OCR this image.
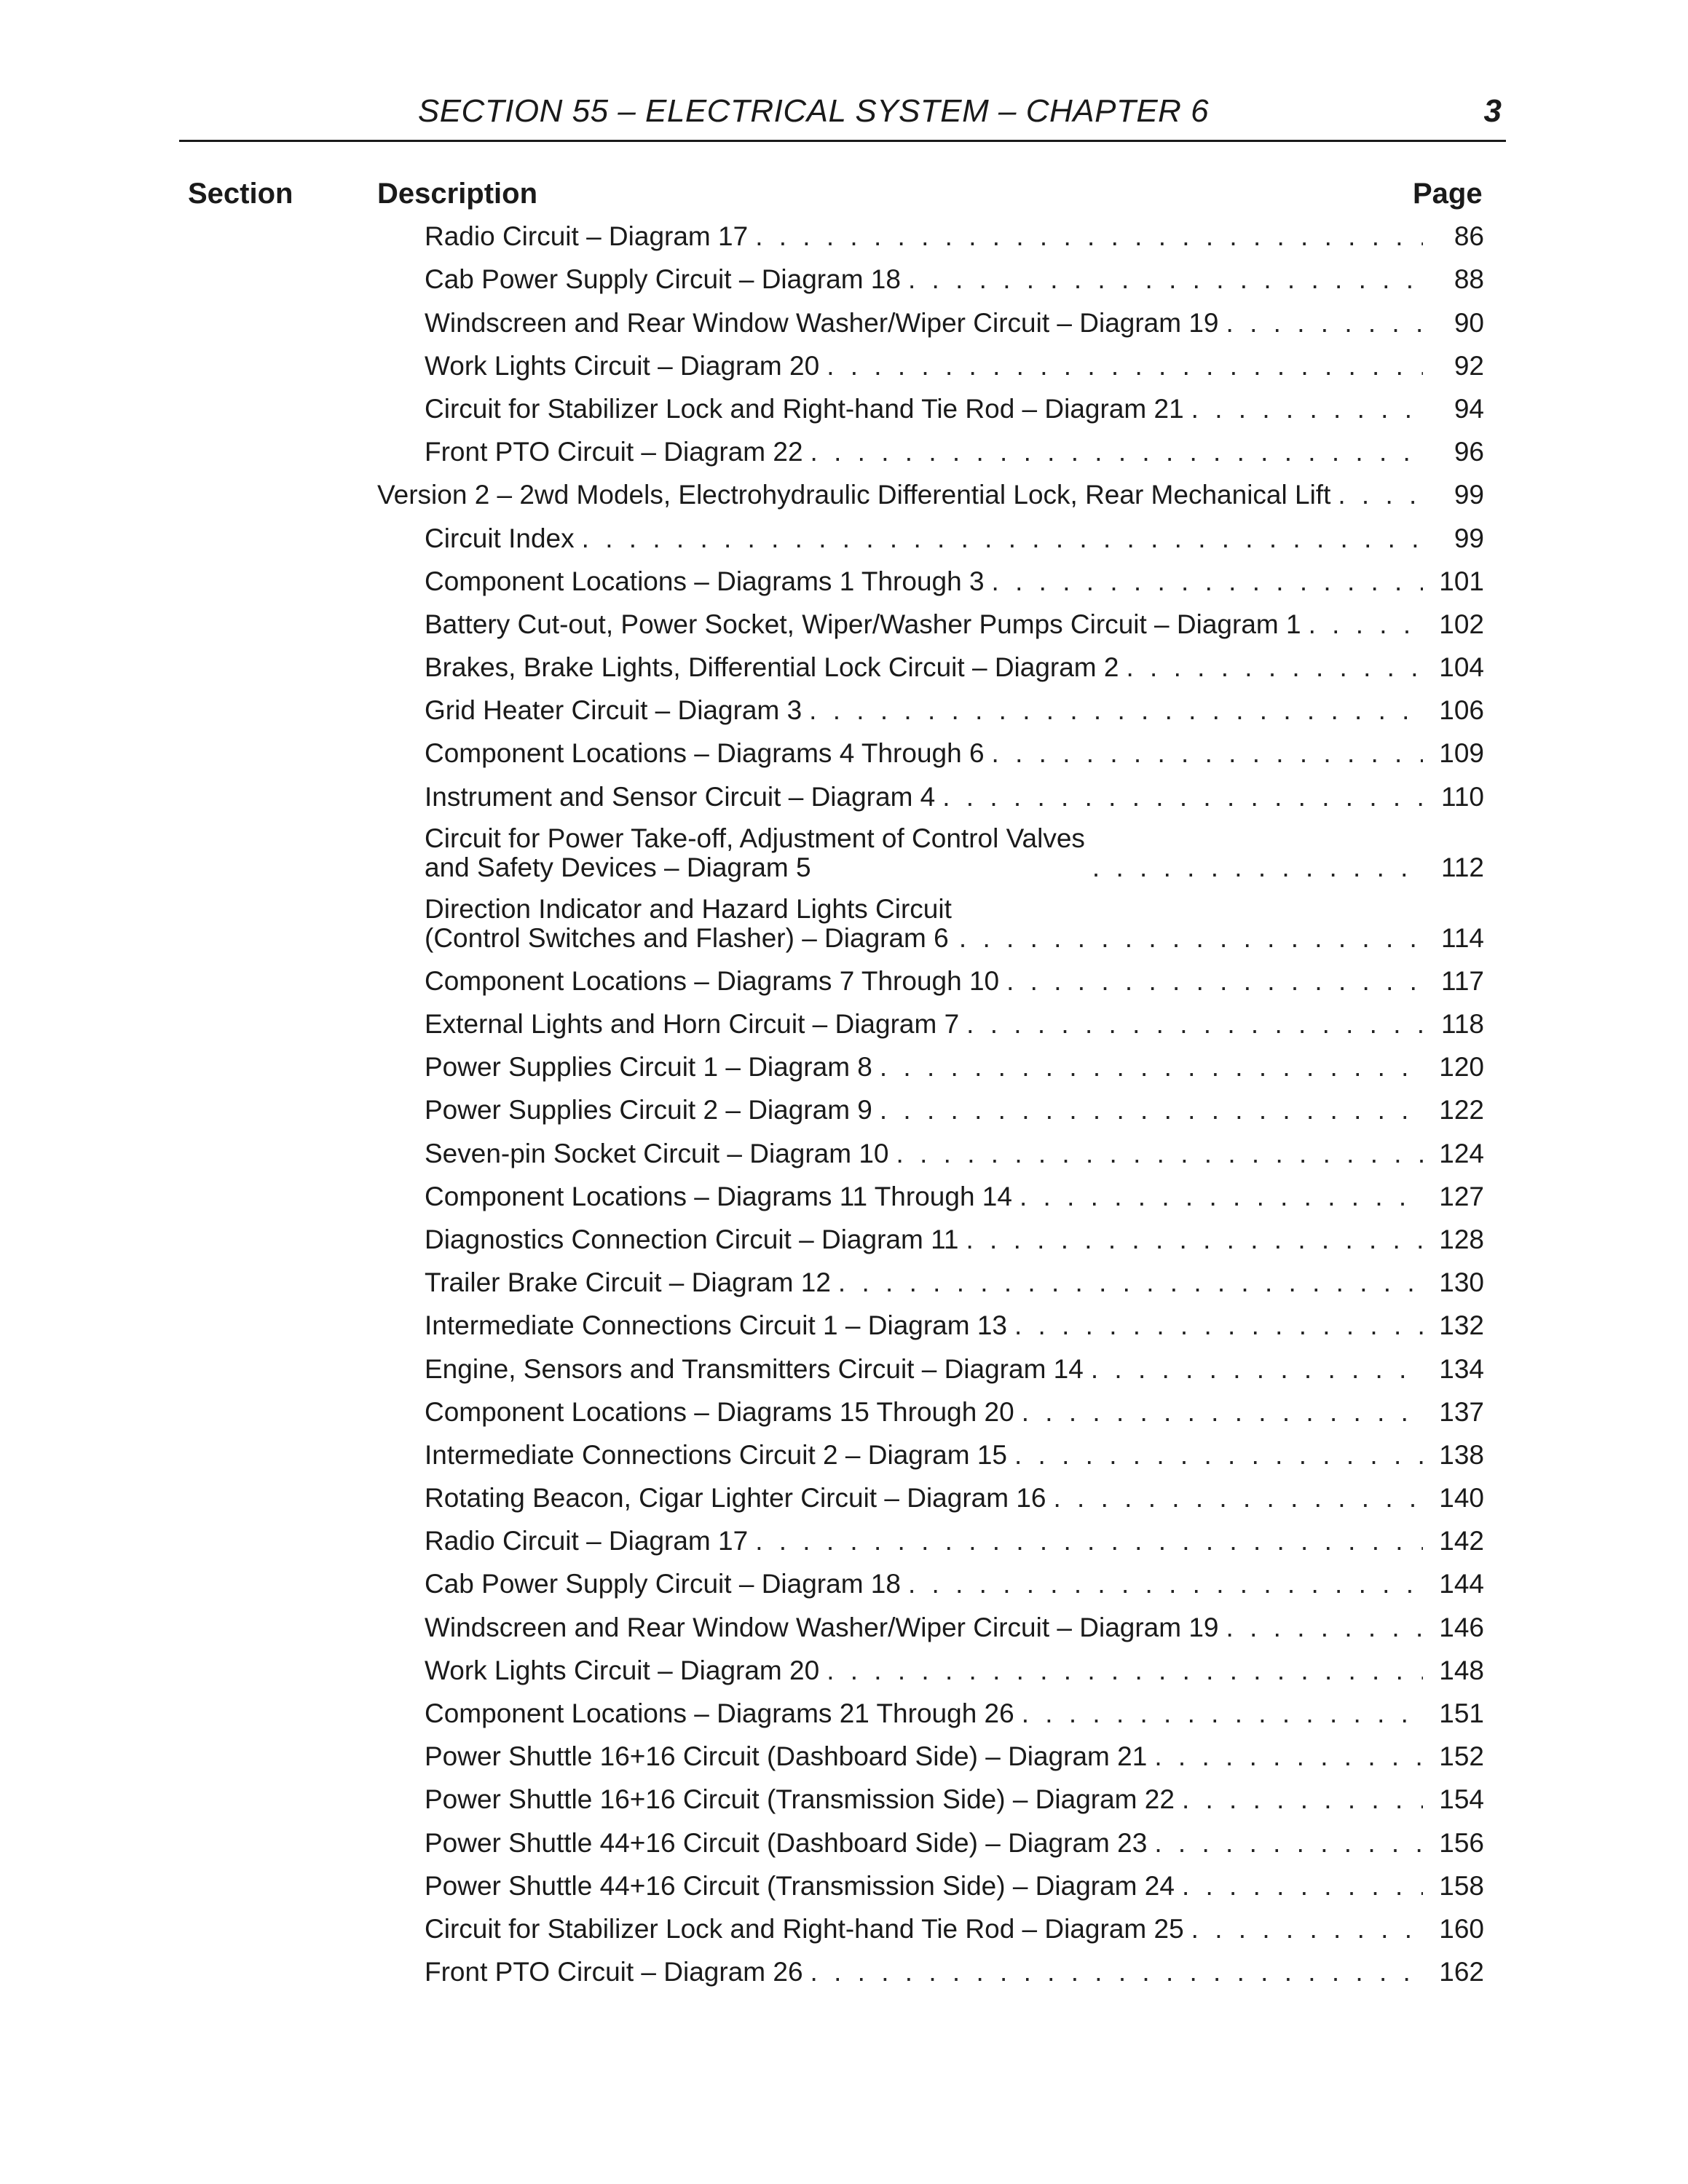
SECTION 55 – ELECTRICAL SYSTEM – CHAPTER 6	3
Section	Description	Page
Radio Circuit – Diagram 17 . . .	86
Cab Power Supply Circuit – Diagram 18 . . .	88
Windscreen and Rear Window Washer/Wiper Circuit – Diagram 19 . . .	90
Work Lights Circuit – Diagram 20 . . .	92
Circuit for Stabilizer Lock and Right-hand Tie Rod – Diagram 21 . . .	94
Front PTO Circuit – Diagram 22 . . .	96
Version 2 – 2wd Models, Electrohydraulic Differential Lock, Rear Mechanical Lift . . .	99
Circuit Index . . .	99
Component Locations – Diagrams 1 Through 3 . . .	101
Battery Cut-out, Power Socket, Wiper/Washer Pumps Circuit – Diagram 1 . . .	102
Brakes, Brake Lights, Differential Lock Circuit – Diagram 2 . . .	104
Grid Heater Circuit – Diagram 3 . . .	106
Component Locations – Diagrams 4 Through 6 . . .	109
Instrument and Sensor Circuit – Diagram 4 . . .	110
Circuit for Power Take-off, Adjustment of Control Valves
and Safety Devices – Diagram 5 . . .	112
Direction Indicator and Hazard Lights Circuit
(Control Switches and Flasher) – Diagram 6 . . .	114
Component Locations – Diagrams 7 Through 10 . . .	117
External Lights and Horn Circuit – Diagram 7 . . .	118
Power Supplies Circuit 1 – Diagram 8 . . .	120
Power Supplies Circuit 2 – Diagram 9 . . .	122
Seven-pin Socket Circuit – Diagram 10 . . .	124
Component Locations – Diagrams 11 Through 14 . . .	127
Diagnostics Connection Circuit – Diagram 11 . . .	128
Trailer Brake Circuit – Diagram 12 . . .	130
Intermediate Connections Circuit 1 – Diagram 13 . . .	132
Engine, Sensors and Transmitters Circuit – Diagram 14 . . .	134
Component Locations – Diagrams 15 Through 20 . . .	137
Intermediate Connections Circuit 2 – Diagram 15 . . .	138
Rotating Beacon, Cigar Lighter Circuit – Diagram 16 . . .	140
Radio Circuit – Diagram 17 . . .	142
Cab Power Supply Circuit – Diagram 18 . . .	144
Windscreen and Rear Window Washer/Wiper Circuit – Diagram 19 . . .	146
Work Lights Circuit – Diagram 20 . . .	148
Component Locations – Diagrams 21 Through 26 . . .	151
Power Shuttle 16+16 Circuit (Dashboard Side) – Diagram 21 . . .	152
Power Shuttle 16+16 Circuit (Transmission Side) – Diagram 22 . . .	154
Power Shuttle 44+16 Circuit (Dashboard Side) – Diagram 23 . . .	156
Power Shuttle 44+16 Circuit (Transmission Side) – Diagram 24 . . .	158
Circuit for Stabilizer Lock and Right-hand Tie Rod – Diagram 25 . . .	160
Front PTO Circuit – Diagram 26 . . .	162
